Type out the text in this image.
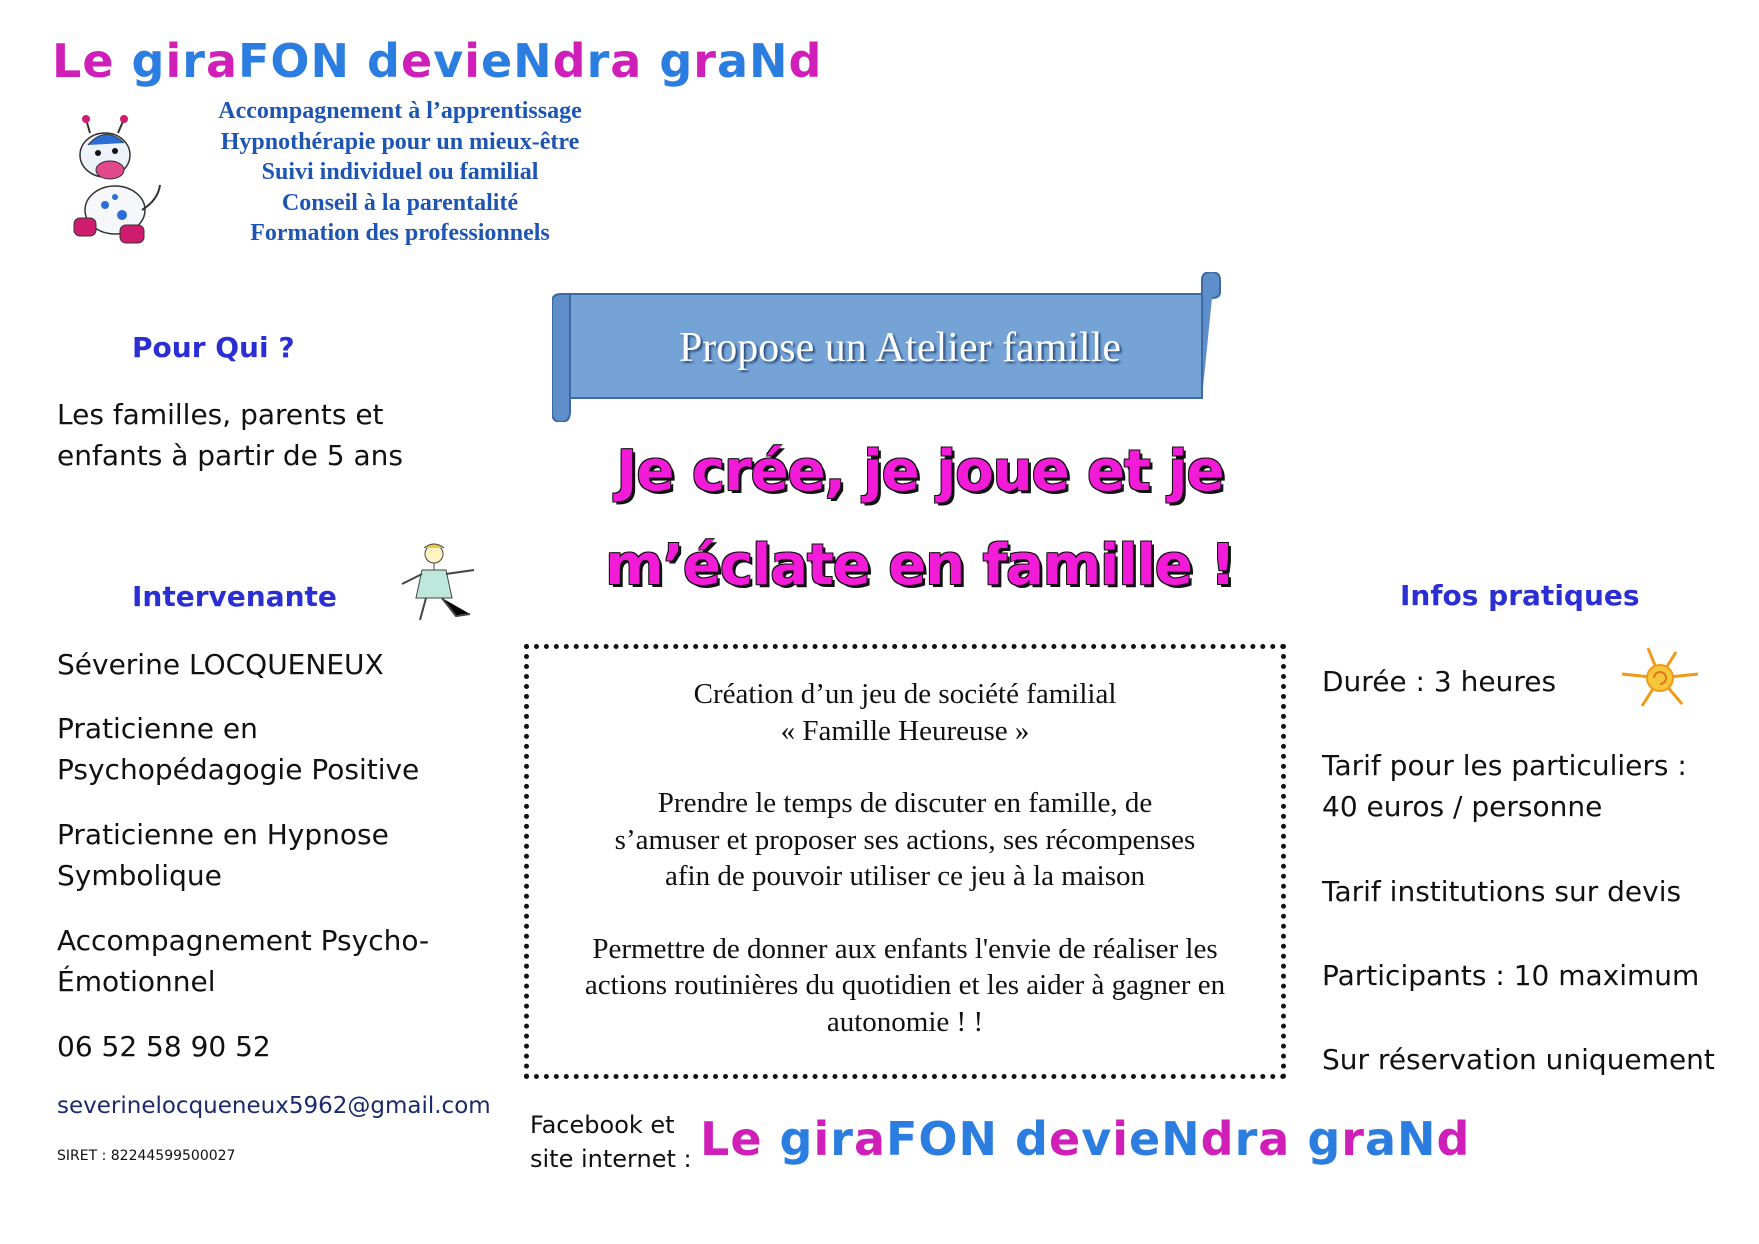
Le giraFON devieNdra graNd
Accompagnement à l’apprentissage
Hypnothérapie pour un mieux-être
Suivi individuel ou familial
Conseil à la parentalité
Formation des professionnels
Propose un Atelier famille
Je crée, je joue et je
m’éclate en famille !
Pour Qui ?
Les familles, parents et
enfants à partir de 5 ans
Intervenante
Séverine LOCQUENEUX
Praticienne en
Psychopédagogie Positive
Praticienne en Hypnose
Symbolique
Accompagnement Psycho-
Émotionnel
06 52 58 90 52
severinelocqueneux5962@gmail.com
SIRET : 82244599500027
Création d’un jeu de société familial
« Famille Heureuse »
Prendre le temps de discuter en famille, de
s’amuser et proposer ses actions, ses récompenses
afin de pouvoir utiliser ce jeu à la maison
Permettre de donner aux enfants l'envie de réaliser les
actions routinières du quotidien et les aider à gagner en
autonomie ! !
Facebook et
site internet : Le giraFON devieNdra graNd
Infos pratiques
Durée : 3 heures
Tarif pour les particuliers :
40 euros / personne
Tarif institutions sur devis
Participants : 10 maximum
Sur réservation uniquement
